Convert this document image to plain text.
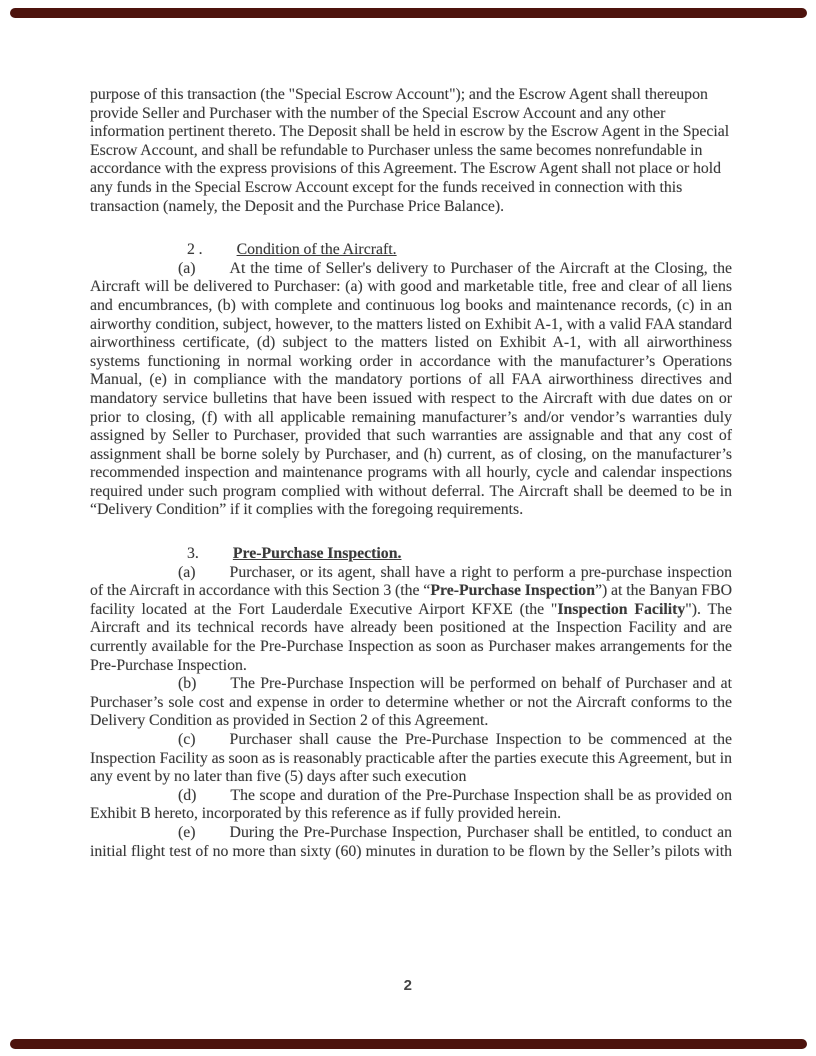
purpose of this transaction (the "Special Escrow Account"); and the Escrow Agent shall thereupon provide Seller and Purchaser with the number of the Special Escrow Account and any other information pertinent thereto. The Deposit shall be held in escrow by the Escrow Agent in the Special Escrow Account, and shall be refundable to Purchaser unless the same becomes nonrefundable in accordance with the express provisions of this Agreement. The Escrow Agent shall not place or hold any funds in the Special Escrow Account except for the funds received in connection with this transaction (namely, the Deposit and the Purchase Price Balance).

2 . Condition of the Aircraft.

(a) At the time of Seller's delivery to Purchaser of the Aircraft at the Closing, the Aircraft will be delivered to Purchaser: (a) with good and marketable title, free and clear of all liens and encumbrances, (b) with complete and continuous log books and maintenance records, (c) in an airworthy condition, subject, however, to the matters listed on Exhibit A-1, with a valid FAA standard airworthiness certificate, (d) subject to the matters listed on Exhibit A-1, with all airworthiness systems functioning in normal working order in accordance with the manufacturer’s Operations Manual, (e) in compliance with the mandatory portions of all FAA airworthiness directives and mandatory service bulletins that have been issued with respect to the Aircraft with due dates on or prior to closing, (f) with all applicable remaining manufacturer’s and/or vendor’s warranties duly assigned by Seller to Purchaser, provided that such warranties are assignable and that any cost of assignment shall be borne solely by Purchaser, and (h) current, as of closing, on the manufacturer’s recommended inspection and maintenance programs with all hourly, cycle and calendar inspections required under such program complied with without deferral. The Aircraft shall be deemed to be in “Delivery Condition” if it complies with the foregoing requirements.

3. Pre-Purchase Inspection.

(a) Purchaser, or its agent, shall have a right to perform a pre-purchase inspection of the Aircraft in accordance with this Section 3 (the “Pre-Purchase Inspection”) at the Banyan FBO facility located at the Fort Lauderdale Executive Airport KFXE (the "Inspection Facility"). The Aircraft and its technical records have already been positioned at the Inspection Facility and are currently available for the Pre-Purchase Inspection as soon as Purchaser makes arrangements for the Pre-Purchase Inspection.

(b) The Pre-Purchase Inspection will be performed on behalf of Purchaser and at Purchaser’s sole cost and expense in order to determine whether or not the Aircraft conforms to the Delivery Condition as provided in Section 2 of this Agreement.

(c) Purchaser shall cause the Pre-Purchase Inspection to be commenced at the Inspection Facility as soon as is reasonably practicable after the parties execute this Agreement, but in any event by no later than five (5) days after such execution

(d) The scope and duration of the Pre-Purchase Inspection shall be as provided on Exhibit B hereto, incorporated by this reference as if fully provided herein.

(e) During the Pre-Purchase Inspection, Purchaser shall be entitled, to conduct an initial flight test of no more than sixty (60) minutes in duration to be flown by the Seller’s pilots with

2
